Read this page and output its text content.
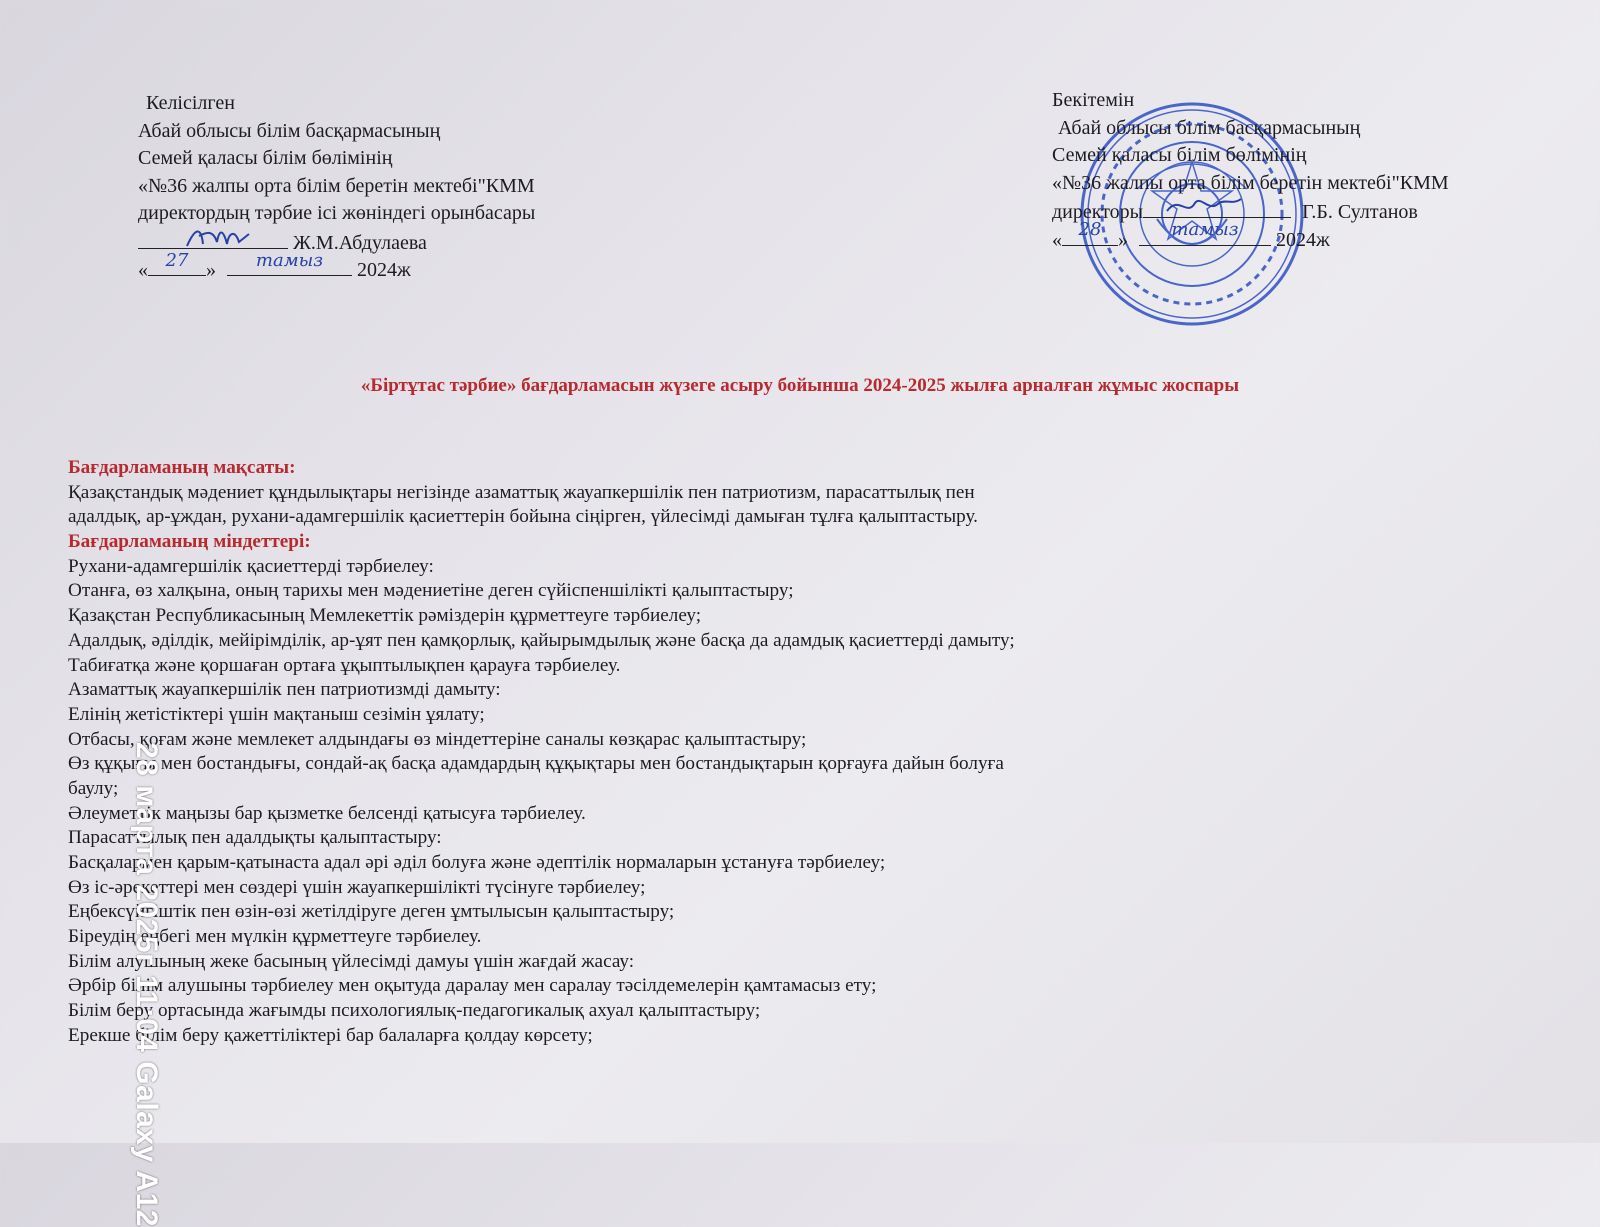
Келісілген
Абай облысы білім басқармасының
Семей қаласы білім бөлімінің
«№36 жалпы орта білім беретін мектебі"КММ
директордың тәрбие ісі жөніндегі орынбасары
Ж.М.Абдулаева
« 27 »	тамыз	2024ж
Бекітемін
Абай облысы білім басқармасының
Семей қаласы білім бөлімінің
«№36 жалпы орта білім беретін мектебі"КММ
директоры	Г.Б. Султанов
« 28 »	тамыз	2024ж
«Біртұтас тәрбие» бағдарламасын жүзеге асыру бойынша 2024-2025 жылға арналған жұмыс жоспары
Бағдарламаның мақсаты:
Қазақстандық мәдениет құндылықтары негізінде азаматтық жауапкершілік пен патриотизм, парасаттылық пен
адалдық, ар-ұждан, рухани-адамгершілік қасиеттерін бойына сіңірген, үйлесімді дамыған тұлға қалыптастыру.
Бағдарламаның міндеттері:
Рухани-адамгершілік қасиеттерді тәрбиелеу:
Отанға, өз халқына, оның тарихы мен мәдениетіне деген сүйіспеншілікті қалыптастыру;
Қазақстан Республикасының Мемлекеттік рәміздерін құрметтеуге тәрбиелеу;
Адалдық, әділдік, мейірімділік, ар-ұят пен қамқорлық, қайырымдылық және басқа да адамдық қасиеттерді дамыту;
Табиғатқа және қоршаған ортаға ұқыптылықпен қарауға тәрбиелеу.
Азаматтық жауапкершілік пен патриотизмді дамыту:
Елінің жетістіктері үшін мақтаныш сезімін ұялату;
Отбасы, қоғам және мемлекет алдындағы өз міндеттеріне саналы көзқарас қалыптастыру;
Өз құқығы мен бостандығы, сондай-ақ басқа адамдардың құқықтары мен бостандықтарын қорғауға дайын болуға
баулу;
Әлеуметтік маңызы бар қызметке белсенді қатысуға тәрбиелеу.
Парасаттылық пен адалдықты қалыптастыру:
Басқалармен қарым-қатынаста адал әрі әділ болуға және әдептілік нормаларын ұстануға тәрбиелеу;
Өз іс-әрекеттері мен сөздері үшін жауапкершілікті түсінуге тәрбиелеу;
Еңбексүйгіштік пен өзін-өзі жетілдіруге деген ұмтылысын қалыптастыру;
Біреудің еңбегі мен мүлкін құрметтеуге тәрбиелеу.
Білім алушының жеке басының үйлесімді дамуы үшін жағдай жасау:
Әрбір білім алушыны тәрбиелеу мен оқытуда даралау мен саралау тәсілдемелерін қамтамасыз ету;
Білім беру ортасында жағымды психологиялық-педагогикалық ахуал қалыптастыру;
Ерекше білім беру қажеттіліктері бар балаларға қолдау көрсету;
28 марта 2025г 11:04 Galaxy A12
